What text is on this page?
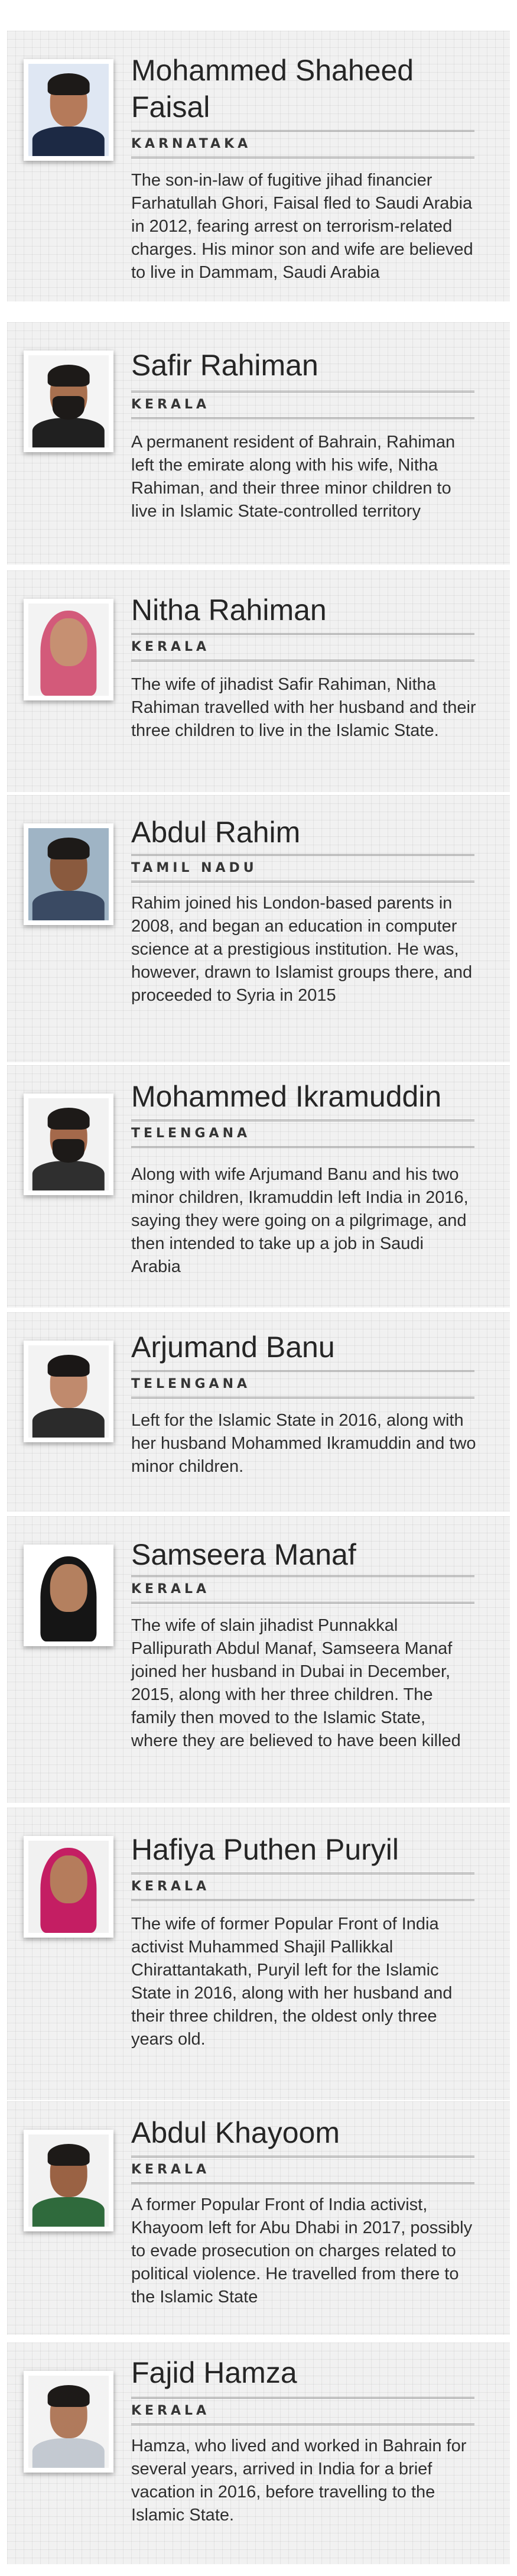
Mohammed Shaheed Faisal
KARNATAKA

The son-in-law of fugitive jihad financier Farhatullah Ghori, Faisal fled to Saudi Arabia in 2012, fearing arrest on terrorism-related charges. His minor son and wife are believed to live in Dammam, Saudi Arabia

Safir Rahiman
KERALA

A permanent resident of Bahrain, Rahiman left the emirate along with his wife, Nitha Rahiman, and their three minor children to live in Islamic State-controlled territory

Nitha Rahiman
KERALA

The wife of jihadist Safir Rahiman, Nitha Rahiman travelled with her husband and their three children to live in the Islamic State.

Abdul Rahim
TAMIL NADU

Rahim joined his London-based parents in 2008, and began an education in computer science at a prestigious institution. He was, however, drawn to Islamist groups there, and proceeded to Syria in 2015

Mohammed Ikramuddin
TELENGANA

Along with wife Arjumand Banu and his two minor children, Ikramuddin left India in 2016, saying they were going on a pilgrimage, and then intended to take up a job in Saudi Arabia

Arjumand Banu
TELENGANA

Left for the Islamic State in 2016, along with her husband Mohammed Ikramuddin and two minor children.

Samseera Manaf
KERALA

The wife of slain jihadist Punnakkal Pallipurath Abdul Manaf, Samseera Manaf joined her husband in Dubai in December, 2015, along with her three children. The family then moved to the Islamic State, where they are believed to have been killed

Hafiya Puthen Puryil
KERALA

The wife of former Popular Front of India activist Muhammed Shajil Pallikkal Chirattantakath, Puryil left for the Islamic State in 2016, along with her husband and their three children, the oldest only three years old.

Abdul Khayoom
KERALA

A former Popular Front of India activist, Khayoom left for Abu Dhabi in 2017, possibly to evade prosecution on charges related to political violence. He travelled from there to the Islamic State

Fajid Hamza
KERALA

Hamza, who lived and worked in Bahrain for several years, arrived in India for a brief vacation in 2016, before travelling to the Islamic State.
